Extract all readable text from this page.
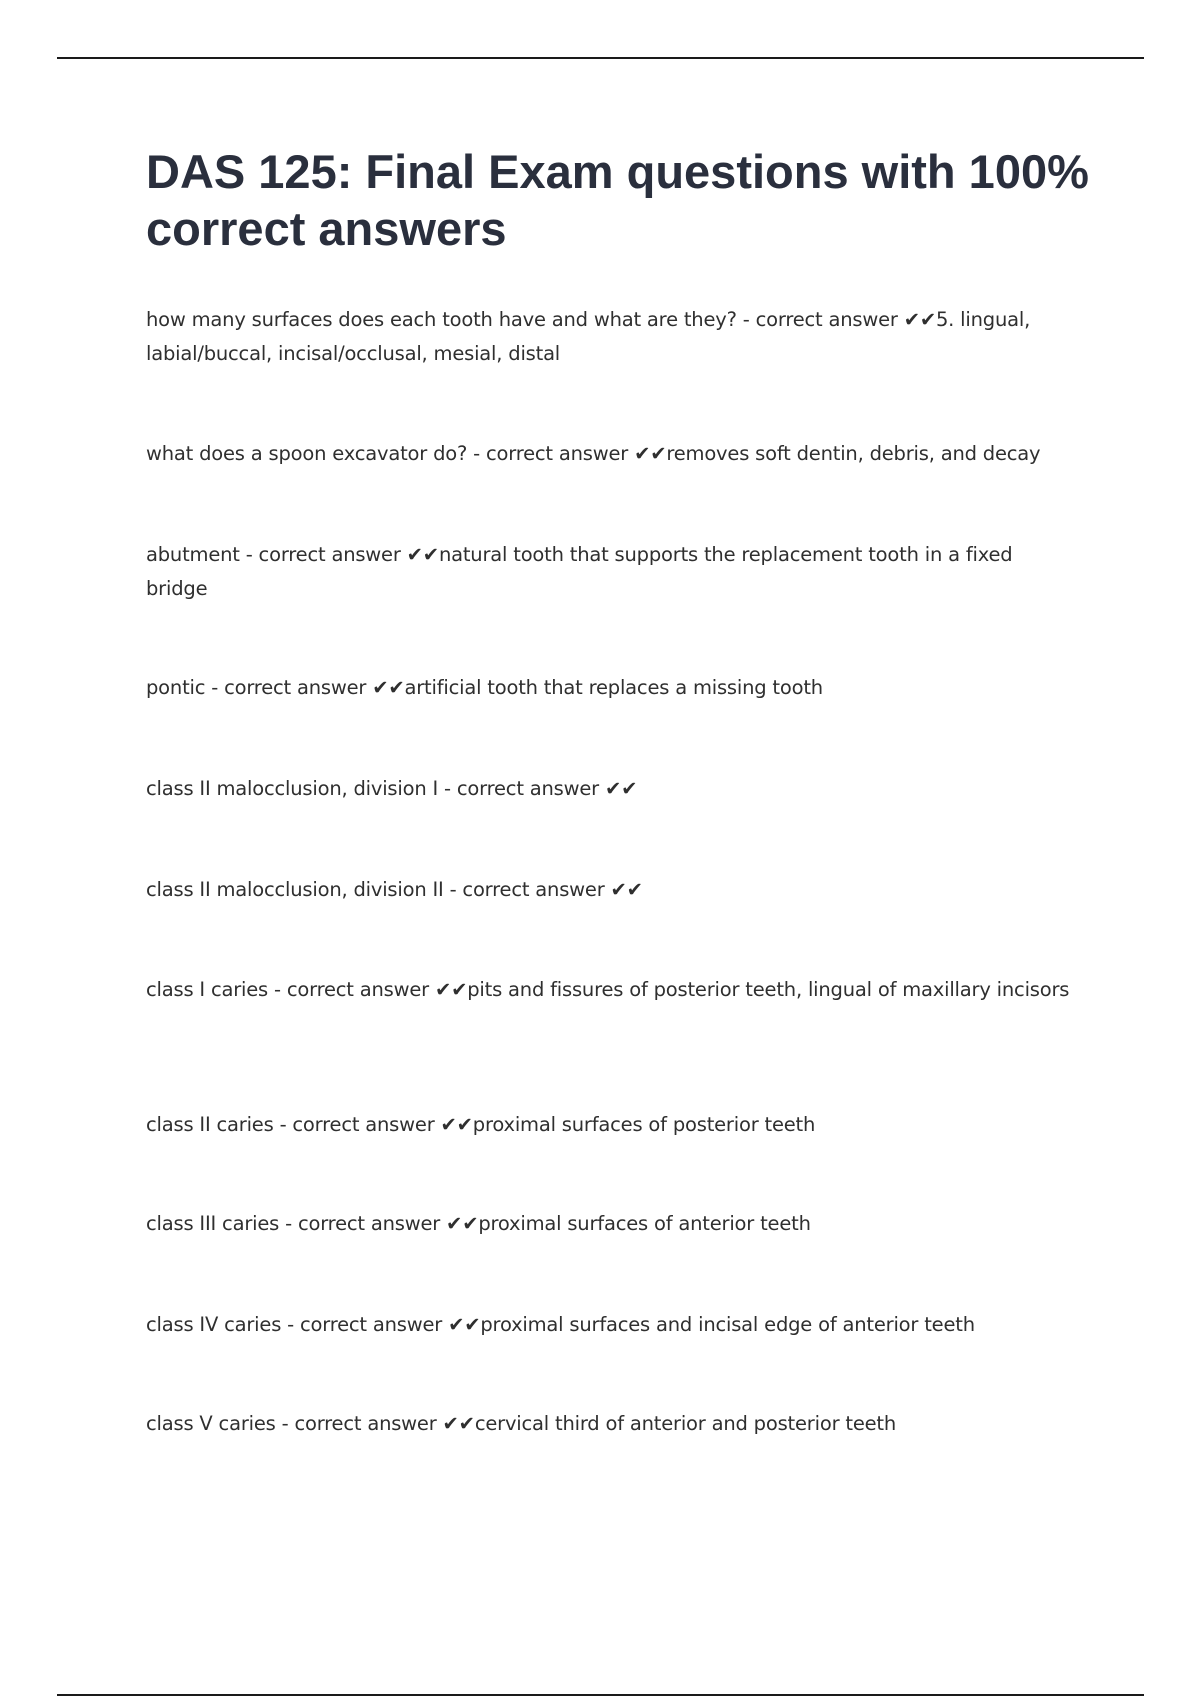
DAS 125: Final Exam questions with 100% correct answers

how many surfaces does each tooth have and what are they? - correct answer ✔✔5. lingual, labial/buccal, incisal/occlusal, mesial, distal

what does a spoon excavator do? - correct answer ✔✔removes soft dentin, debris, and decay

abutment - correct answer ✔✔natural tooth that supports the replacement tooth in a fixed bridge

pontic - correct answer ✔✔artificial tooth that replaces a missing tooth

class II malocclusion, division I - correct answer ✔✔

class II malocclusion, division II - correct answer ✔✔

class I caries - correct answer ✔✔pits and fissures of posterior teeth, lingual of maxillary incisors

class II caries - correct answer ✔✔proximal surfaces of posterior teeth

class III caries - correct answer ✔✔proximal surfaces of anterior teeth

class IV caries - correct answer ✔✔proximal surfaces and incisal edge of anterior teeth

class V caries - correct answer ✔✔cervical third of anterior and posterior teeth
